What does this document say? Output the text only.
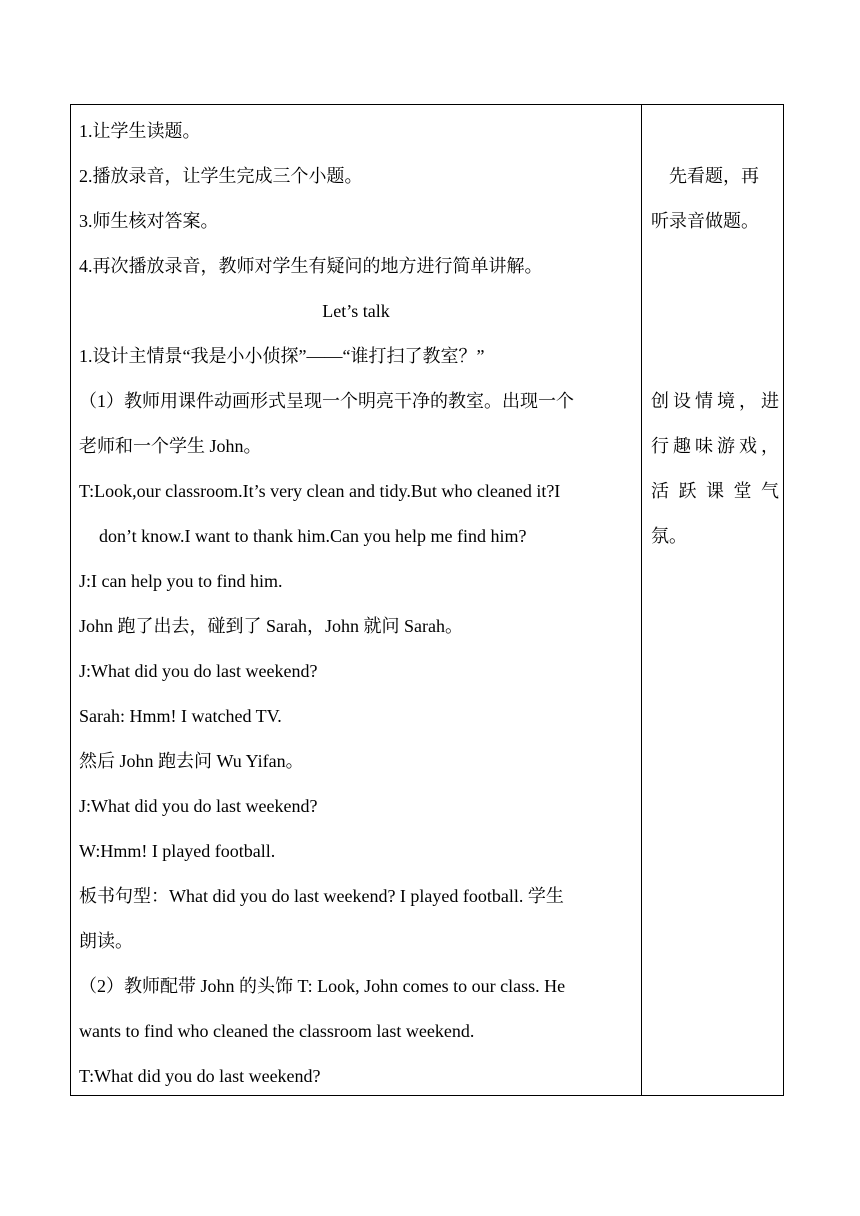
1.让学生读题。
2.播放录音，让学生完成三个小题。
3.师生核对答案。
4.再次播放录音，教师对学生有疑问的地方进行简单讲解。
Let’s talk
1.设计主情景“我是小小侦探”——“谁打扫了教室？”
（1）教师用课件动画形式呈现一个明亮干净的教室。出现一个
老师和一个学生 John。
T:Look,our classroom.It’s very clean and tidy.But who cleaned it?I
don’t know.I want to thank him.Can you help me find him?
J:I can help you to find him.
John 跑了出去，碰到了 Sarah，John 就问 Sarah。
J:What did you do last weekend?
Sarah: Hmm! I watched TV.
然后 John 跑去问 Wu Yifan。
J:What did you do last weekend?
W:Hmm! I played football.
板书句型：What did you do last weekend? I played football. 学生
朗读。
（2）教师配带 John 的头饰 T: Look, John comes to our class. He
wants to find who cleaned the classroom last weekend.
T:What did you do last weekend?
先看题，再
听录音做题。
创设情境，进
行趣味游戏，
活跃课堂气
氛。
